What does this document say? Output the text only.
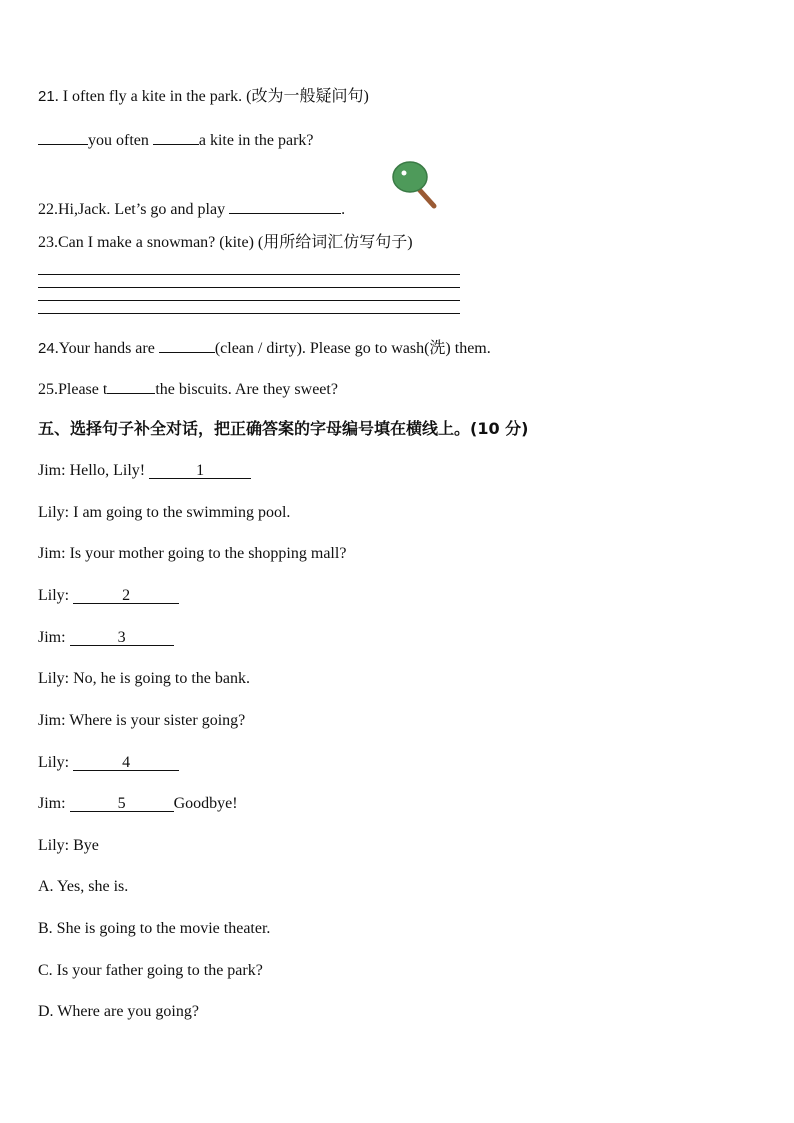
21. I often fly a kite in the park. (改为一般疑问句)
you often	a kite in the park?
22.Hi,Jack. Let’s go and play	.
23.Can I make a snowman? (kite) (用所给词汇仿写句子)
24.Your hands are	(clean / dirty). Please go to wash(洗) them.
25.Please t	the biscuits. Are they sweet?
五、选择句子补全对话，把正确答案的字母编号填在横线上。(10 分)
Jim: Hello, Lily!	1
Lily: I am going to the swimming pool.
Jim: Is your mother going to the shopping mall?
Lily:	2
Jim:	3
Lily: No, he is going to the bank.
Jim: Where is your sister going?
Lily:	4
Jim:	5	Goodbye!
Lily: Bye
A. Yes, she is.
B. She is going to the movie theater.
C. Is your father going to the park?
D. Where are you going?
